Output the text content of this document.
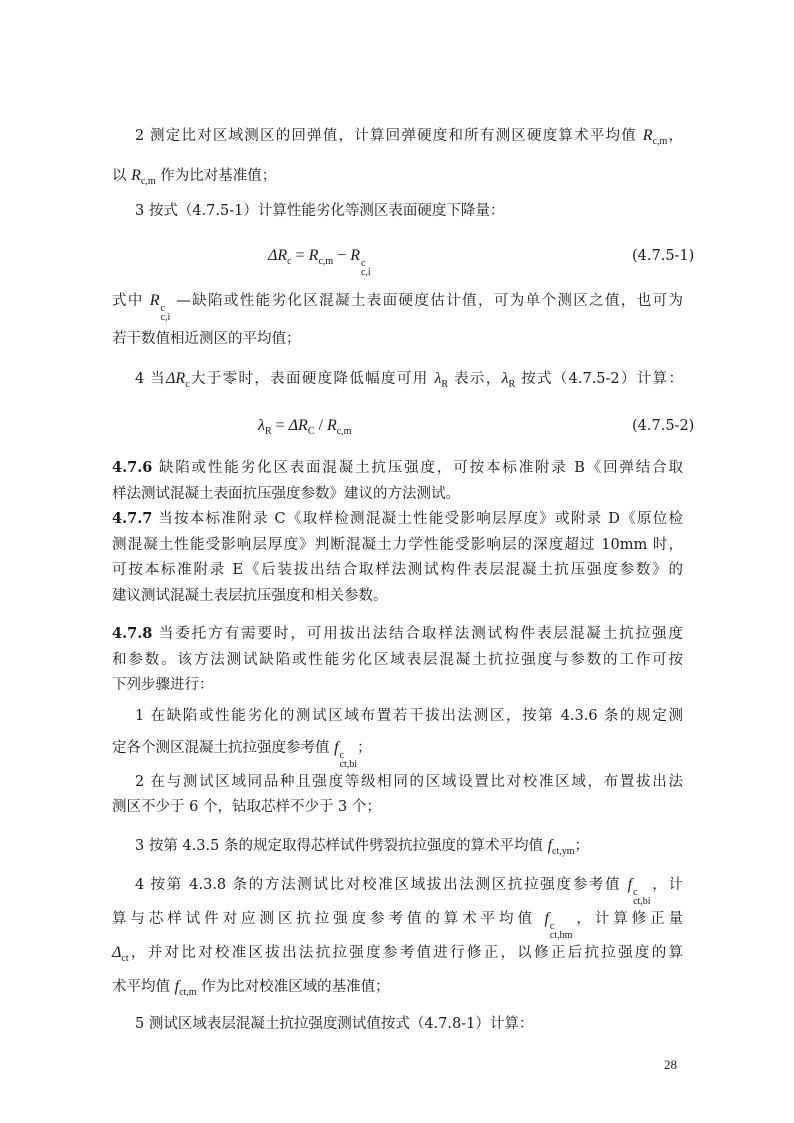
2 测定比对区域测区的回弹值，计算回弹硬度和所有测区硬度算术平均值 $R_{c,m}$，
以 $R_{c,m}$ 作为比对基准值；
3 按式（4.7.5-1）计算性能劣化等测区表面硬度下降量：
$\Delta R_c = R_{c,m} - R$ c
c,i
(4.7.5-1)
式中 R c
c,i
—缺陷或性能劣化区混凝土表面硬度估计值，可为单个测区之值，也可为
若干数值相近测区的平均值；
4 当$\Delta R_c$大于零时，表面硬度降低幅度可用 $\lambda_R$ 表示，$\lambda_R$ 按式（4.7.5-2）计算：
$\lambda_R = \Delta R_C / R_{c,m}$	(4.7.5-2)
4.7.6 缺陷或性能劣化区表面混凝土抗压强度，可按本标准附录 B《回弹结合取
样法测试混凝土表面抗压强度参数》建议的方法测试。
4.7.7 当按本标准附录 C《取样检测混凝土性能受影响层厚度》或附录 D《原位检
测混凝土性能受影响层厚度》判断混凝土力学性能受影响层的深度超过 10mm 时，
可按本标准附录 E《后装拔出结合取样法测试构件表层混凝土抗压强度参数》的
建议测试混凝土表层抗压强度和相关参数。
4.7.8 当委托方有需要时，可用拔出法结合取样法测试构件表层混凝土抗拉强度
和参数。该方法测试缺陷或性能劣化区域表层混凝土抗拉强度与参数的工作可按
下列步骤进行：
1 在缺陷或性能劣化的测试区域布置若干拔出法测区，按第 4.3.6 条的规定测
定各个测区混凝土抗拉强度参考值 f c
ct,bi
；
2 在与测试区域同品种且强度等级相同的区域设置比对校准区域，布置拔出法
测区不少于 6 个，钻取芯样不少于 3 个；
3 按第 4.3.5 条的规定取得芯样试件劈裂抗拉强度的算术平均值 $f_{ct,ym}$；
4 按第 4.3.8 条的方法测试比对校准区域拔出法测区抗拉强度参考值 f c
ct,bi
，计
算与芯样试件对应测区抗拉强度参考值的算术平均值 f c
ct,bm
，计算修正量
$\Delta_{ct}$，并对比对校准区拔出法抗拉强度参考值进行修正，以修正后抗拉强度的算
术平均值 $f_{ct,m}$ 作为比对校准区域的基准值；
5 测试区域表层混凝土抗拉强度测试值按式（4.7.8-1）计算：
28
